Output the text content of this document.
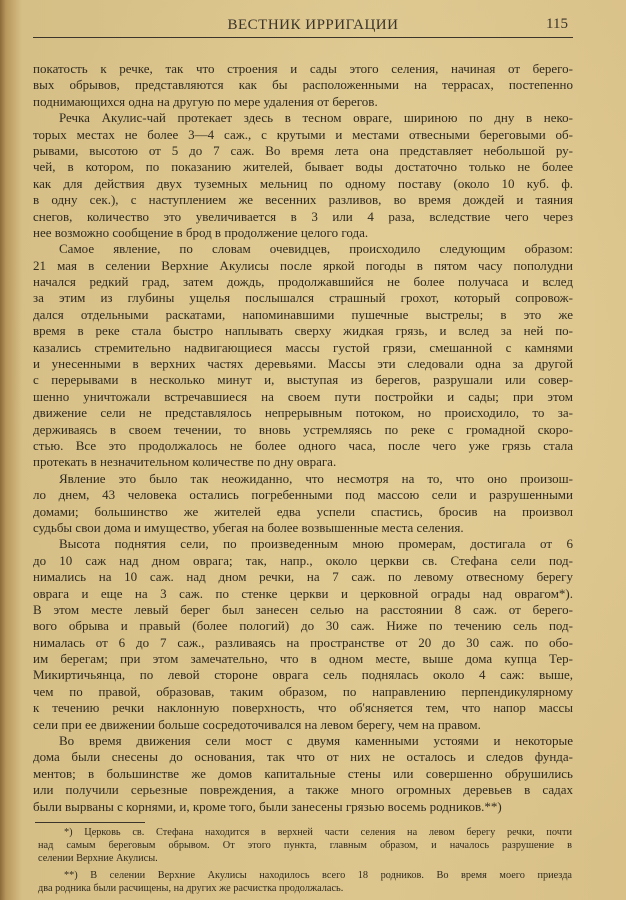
ВЕСТНИК ИРРИГАЦИИ	115
покатость к речке, так что строения и сады этого селения, начиная от берего-
вых обрывов, представляются как бы расположенными на террасах, постепенно
поднимающихся одна на другую по мере удаления от берегов.
Речка Акулис-чай протекает здесь в тесном овраге, шириною по дну в неко-
торых местах не более 3—4 саж., с крутыми и местами отвесными береговыми об-
рывами, высотою от 5 до 7 саж. Во время лета она представляет небольшой ру-
чей, в котором, по показанию жителей, бывает воды достаточно только не более
как для действия двух туземных мельниц по одному поставу (около 10 куб. ф.
в одну сек.), с наступлением же весенних разливов, во время дождей и таяния
снегов, количество это увеличивается в 3 или 4 раза, вследствие чего через
нее возможно сообщение в брод в продолжение целого года.
Самое явление, по словам очевидцев, происходило следующим образом:
21 мая в селении Верхние Акулисы после яркой погоды в пятом часу пополудни
начался редкий град, затем дождь, продолжавшийся не более получаса и вслед
за этим из глубины ущелья послышался страшный грохот, который сопровож-
дался отдельными раскатами, напоминавшими пушечные выстрелы; в это же
время в реке стала быстро наплывать сверху жидкая грязь, и вслед за ней по-
казались стремительно надвигающиеся массы густой грязи, смешанной с камнями
и унесенными в верхних частях деревьями. Массы эти следовали одна за другой
с перерывами в несколько минут и, выступая из берегов, разрушали или совер-
шенно уничтожали встречавшиеся на своем пути постройки и сады; при этом
движение сели не представлялось непрерывным потоком, но происходило, то за-
держиваясь в своем течении, то вновь устремляясь по реке с громадной скоро-
стью. Все это продолжалось не более одного часа, после чего уже грязь стала
протекать в незначительном количестве по дну оврага.
Явление это было так неожиданно, что несмотря на то, что оно произош-
ло днем, 43 человека остались погребенными под массою сели и разрушенными
домами; большинство же жителей едва успели спастись, бросив на произвол
судьбы свои дома и имущество, убегая на более возвышенные места селения.
Высота поднятия сели, по произведенным мною промерам, достигала от 6
до 10 саж над дном оврага; так, напр., около церкви св. Стефана сели под-
нимались на 10 саж. над дном речки, на 7 саж. по левому отвесному берегу
оврага и еще на 3 саж. по стенке церкви и церковной ограды над оврагом*).
В этом месте левый берег был занесен селью на расстоянии 8 саж. от берего-
вого обрыва и правый (более пологий) до 30 саж. Ниже по течению сель под-
нималась от 6 до 7 саж., разливаясь на пространстве от 20 до 30 саж. по обо-
им берегам; при этом замечательно, что в одном месте, выше дома купца Тер-
Микиртичьянца, по левой стороне оврага сель поднялась около 4 саж: выше,
чем по правой, образовав, таким образом, по направлению перпендикулярному
к течению речки наклонную поверхность, что об'ясняется тем, что напор массы
сели при ее движении больше сосредоточивался на левом берегу, чем на правом.
Во время движения сели мост с двумя каменными устоями и некоторые
дома были снесены до основания, так что от них не осталось и следов фунда-
ментов; в большинстве же домов капитальные стены или совершенно обрушились
или получили серьезные повреждения, а также много огромных деревьев в садах
были вырваны с корнями, и, кроме того, были занесены грязью восемь родников.**)
*) Церковь св. Стефана находится в верхней части селения на левом берегу речки, почти
над самым береговым обрывом. От этого пункта, главным образом, и началось разрушение в
селении Верхние Акулисы.
**) В селении Верхние Акулисы находилось всего 18 родников. Во время моего приезда
два родника были расчищены, на других же расчистка продолжалась.
